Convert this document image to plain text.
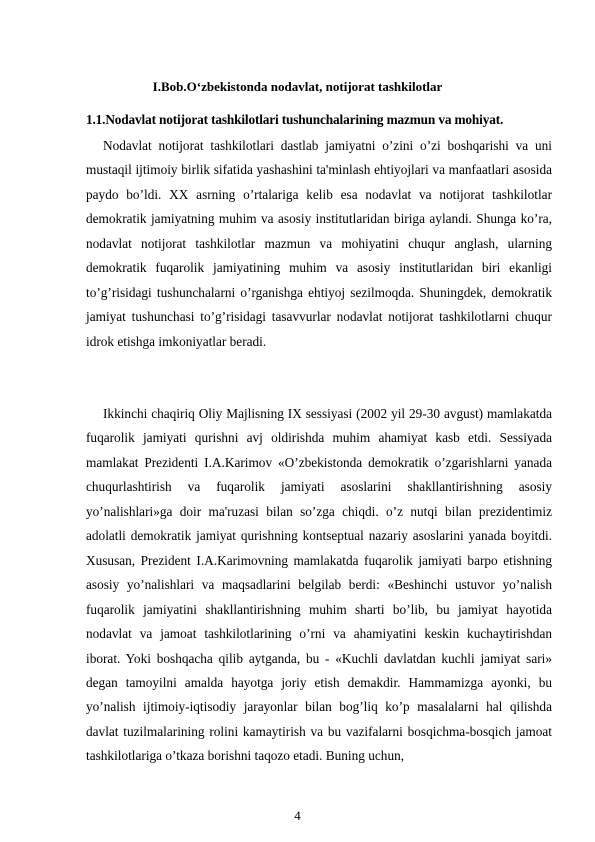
I.Bob.O‘zbekistonda nodavlat, notijorat tashkilotlar
1.1.Nodavlat notijorat tashkilotlari tushunchalarining mazmun va mohiyat.

Nodavlat notijorat tashkilotlari dastlab jamiyatni o’zini o’zi boshqarishi va uni mustaqil ijtimoiy birlik sifatida yashashini ta'minlash ehtiyojlari va manfaatlari asosida paydo bo’ldi. XX asrning o’rtalariga kelib esa nodavlat va notijorat tashkilotlar demokratik jamiyatning muhim va asosiy institutlaridan biriga aylandi. Shunga ko’ra, nodavlat notijorat tashkilotlar mazmun va mohiyatini chuqur anglash, ularning demokratik fuqarolik jamiyatining muhim va asosiy institutlaridan biri ekanligi to’g’risidagi tushunchalarni o’rganishga ehtiyoj sezilmoqda. Shuningdek, demokratik jamiyat tushunchasi to’g’risidagi tasavvurlar nodavlat notijorat tashkilotlarni chuqur idrok etishga imkoniyatlar beradi.

Ikkinchi chaqiriq Oliy Majlisning IX sessiyasi (2002 yil 29-30 avgust) mamlakatda fuqarolik jamiyati qurishni avj oldirishda muhim ahamiyat kasb etdi. Sessiyada mamlakat Prezidenti I.A.Karimov «O’zbekistonda demokratik o’zgarishlarni yanada chuqurlashtirish va fuqarolik jamiyati asoslarini shakllantirishning asosiy yo’nalishlari»ga doir ma'ruzasi bilan so’zga chiqdi. o’z nutqi bilan prezidentimiz adolatli demokratik jamiyat qurishning kontseptual nazariy asoslarini yanada boyitdi. Xususan, Prezident I.A.Karimovning mamlakatda fuqarolik jamiyati barpo etishning asosiy yo’nalishlari va maqsadlarini belgilab berdi: «Beshinchi ustuvor yo’nalish fuqarolik jamiyatini shakllantirishning muhim sharti bo’lib, bu jamiyat hayotida nodavlat va jamoat tashkilotlarining o’rni va ahamiyatini keskin kuchaytirishdan iborat. Yoki boshqacha qilib aytganda, bu - «Kuchli davlatdan kuchli jamiyat sari» degan tamoyilni amalda hayotga joriy etish demakdir. Hammamizga ayonki, bu yo’nalish ijtimoiy-iqtisodiy jarayonlar bilan bog’liq ko’p masalalarni hal qilishda davlat tuzilmalarining rolini kamaytirish va bu vazifalarni bosqichma-bosqich jamoat tashkilotlariga o’tkaza borishni taqozo etadi. Buning uchun,

4
